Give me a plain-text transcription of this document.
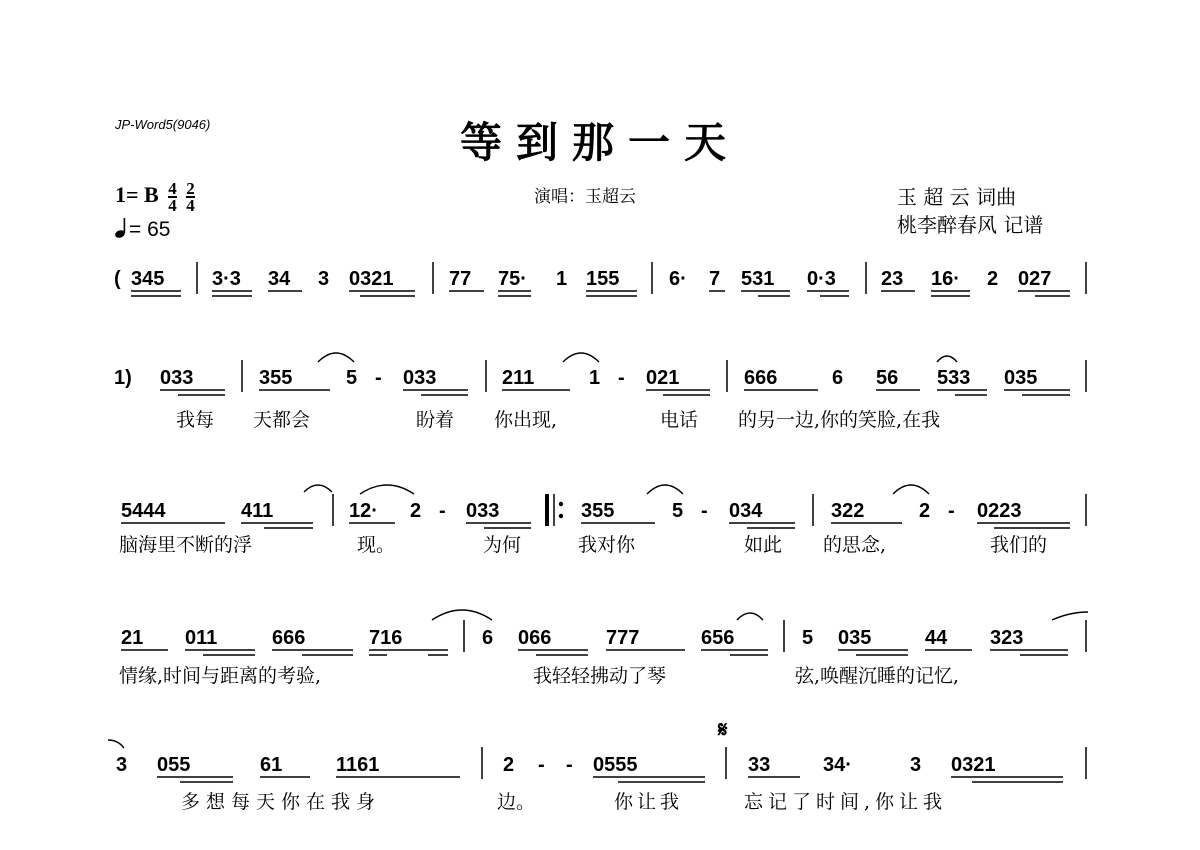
JP-Word5(9046)	等到那一天
1= B $\frac{4}{4}$
$\frac{2}{4}$
= 65
演唱：玉超云	玉 超 云 词曲
桃李醉春风 记谱
( 345 3·3 34 3 0321	77 75· 1 155 6· 7 531 0·3 23 16· 2 027
1) 033	355	5 - 033	211	1 - 021	666	6 56 533 035
我每 天都会	盼着 你出现,	电话 的另一边,你的笑脸,在我
5444	411	12· 2 - 033	355	5 - 034	322	2 - 0223
脑海里不断的浮	现。	为何	我对你	如此 的思念,	我们的
21 011	666	716	6 066	777	656	5 035	44 323
情缘,时间与距离的考验,	我轻轻拂动了琴	弦,唤醒沉睡的记忆,
3 055	61	1161	2 - - 0555	33	34·	3 0321
𝄋
多想每天你在我身	边。	你让我	忘记了时间,你让我
